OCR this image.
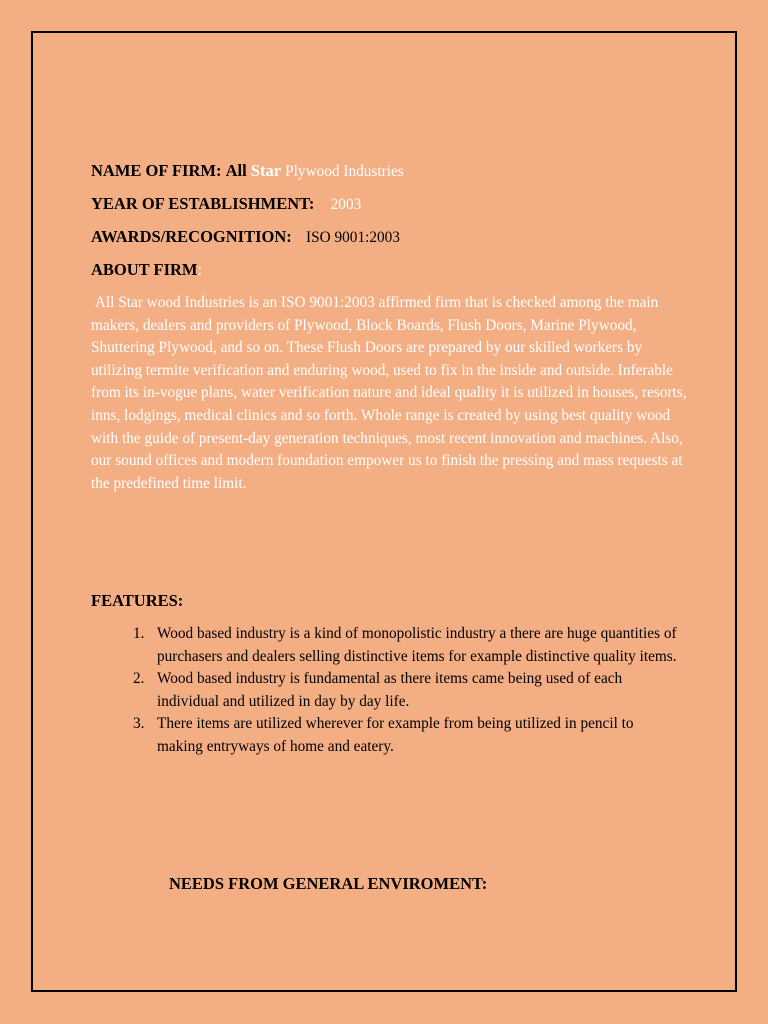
NAME OF FIRM: All Star Plywood Industries
YEAR OF ESTABLISHMENT: 2003
AWARDS/RECOGNITION: ISO 9001:2003
ABOUT FIRM:

All Star wood Industries is an ISO 9001:2003 affirmed firm that is checked among the main makers, dealers and providers of Plywood, Block Boards, Flush Doors, Marine Plywood, Shuttering Plywood, and so on. These Flush Doors are prepared by our skilled workers by utilizing termite verification and enduring wood, used to fix in the inside and outside. Inferable from its in-vogue plans, water verification nature and ideal quality it is utilized in houses, resorts, inns, lodgings, medical clinics and so forth. Whole range is created by using best quality wood with the guide of present-day generation techniques, most recent innovation and machines. Also, our sound offices and modern foundation empower us to finish the pressing and mass requests at the predefined time limit.

FEATURES:
1. Wood based industry is a kind of monopolistic industry a there are huge quantities of purchasers and dealers selling distinctive items for example distinctive quality items.
2. Wood based industry is fundamental as there items came being used of each individual and utilized in day by day life.
3. There items are utilized wherever for example from being utilized in pencil to making entryways of home and eatery.
NEEDS FROM GENERAL ENVIROMENT:
